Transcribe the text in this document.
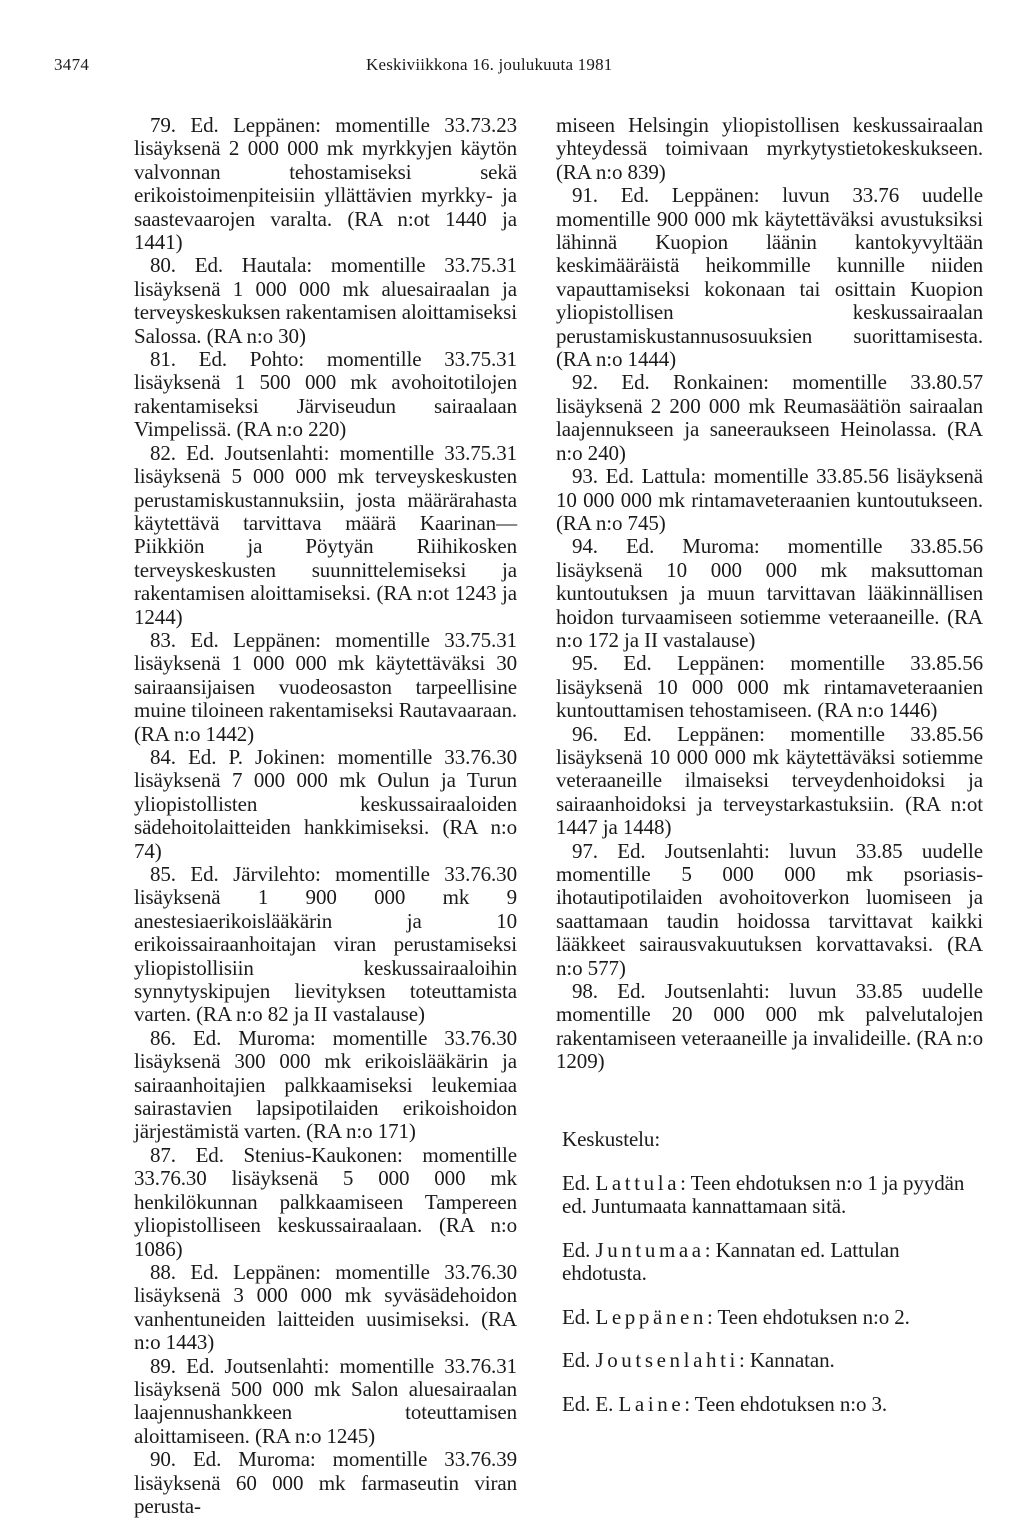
3474	Keskiviikkona 16. joulukuuta 1981

79. Ed. Leppänen: momentille 33.73.23 lisäyksenä 2 000 000 mk myrkkyjen käytön valvonnan tehostamiseksi sekä erikoistoimenpiteisiin yllättävien myrkky- ja saastevaarojen varalta. (RA n:ot 1440 ja 1441)

80. Ed. Hautala: momentille 33.75.31 lisäyksenä 1 000 000 mk aluesairaalan ja terveyskeskuksen rakentamisen aloittamiseksi Salossa. (RA n:o 30)

81. Ed. Pohto: momentille 33.75.31 lisäyksenä 1 500 000 mk avohoitotilojen rakentamiseksi Järviseudun sairaalaan Vimpelissä. (RA n:o 220)

82. Ed. Joutsenlahti: momentille 33.75.31 lisäyksenä 5 000 000 mk terveyskeskusten perustamiskustannuksiin, josta määrärahasta käytettävä tarvittava määrä Kaarinan—Piikkiön ja Pöytyän Riihikosken terveyskeskusten suunnittelemiseksi ja rakentamisen aloittamiseksi. (RA n:ot 1243 ja 1244)

83. Ed. Leppänen: momentille 33.75.31 lisäyksenä 1 000 000 mk käytettäväksi 30 sairaansijaisen vuodeosaston tarpeellisine muine tiloineen rakentamiseksi Rautavaaraan. (RA n:o 1442)

84. Ed. P. Jokinen: momentille 33.76.30 lisäyksenä 7 000 000 mk Oulun ja Turun yliopistollisten keskussairaaloiden sädehoitolaitteiden hankkimiseksi. (RA n:o 74)

85. Ed. Järvilehto: momentille 33.76.30 lisäyksenä 1 900 000 mk 9 anestesiaerikoislääkärin ja 10 erikoissairaanhoitajan viran perustamiseksi yliopistollisiin keskussairaaloihin synnytyskipujen lievityksen toteuttamista varten. (RA n:o 82 ja II vastalause)

86. Ed. Muroma: momentille 33.76.30 lisäyksenä 300 000 mk erikoislääkärin ja sairaanhoitajien palkkaamiseksi leukemiaa sairastavien lapsipotilaiden erikoishoidon järjestämistä varten. (RA n:o 171)

87. Ed. Stenius-Kaukonen: momentille 33.76.30 lisäyksenä 5 000 000 mk henkilökunnan palkkaamiseen Tampereen yliopistolliseen keskussairaalaan. (RA n:o 1086)

88. Ed. Leppänen: momentille 33.76.30 lisäyksenä 3 000 000 mk syväsädehoidon vanhentuneiden laitteiden uusimiseksi. (RA n:o 1443)

89. Ed. Joutsenlahti: momentille 33.76.31 lisäyksenä 500 000 mk Salon aluesairaalan laajennushankkeen toteuttamisen aloittamiseen. (RA n:o 1245)

90. Ed. Muroma: momentille 33.76.39 lisäyksenä 60 000 mk farmaseutin viran perusta-

miseen Helsingin yliopistollisen keskussairaalan yhteydessä toimivaan myrkytystietokeskukseen. (RA n:o 839)

91. Ed. Leppänen: luvun 33.76 uudelle momentille 900 000 mk käytettäväksi avustuksiksi lähinnä Kuopion läänin kantokyvyltään keskimääräistä heikommille kunnille niiden vapauttamiseksi kokonaan tai osittain Kuopion yliopistollisen keskussairaalan perustamiskustannusosuuksien suorittamisesta. (RA n:o 1444)

92. Ed. Ronkainen: momentille 33.80.57 lisäyksenä 2 200 000 mk Reumasäätiön sairaalan laajennukseen ja saneeraukseen Heinolassa. (RA n:o 240)

93. Ed. Lattula: momentille 33.85.56 lisäyksenä 10 000 000 mk rintamaveteraanien kuntoutukseen. (RA n:o 745)

94. Ed. Muroma: momentille 33.85.56 lisäyksenä 10 000 000 mk maksuttoman kuntoutuksen ja muun tarvittavan lääkinnällisen hoidon turvaamiseen sotiemme veteraaneille. (RA n:o 172 ja II vastalause)

95. Ed. Leppänen: momentille 33.85.56 lisäyksenä 10 000 000 mk rintamaveteraanien kuntouttamisen tehostamiseen. (RA n:o 1446)

96. Ed. Leppänen: momentille 33.85.56 lisäyksenä 10 000 000 mk käytettäväksi sotiemme veteraaneille ilmaiseksi terveydenhoidoksi ja sairaanhoidoksi ja terveystarkastuksiin. (RA n:ot 1447 ja 1448)

97. Ed. Joutsenlahti: luvun 33.85 uudelle momentille 5 000 000 mk psoriasis-ihotautipotilaiden avohoitoverkon luomiseen ja saattamaan taudin hoidossa tarvittavat kaikki lääkkeet sairausvakuutuksen korvattavaksi. (RA n:o 577)

98. Ed. Joutsenlahti: luvun 33.85 uudelle momentille 20 000 000 mk palvelutalojen rakentamiseen veteraaneille ja invalideille. (RA n:o 1209)

Keskustelu:

Ed. Lattula: Teen ehdotuksen n:o 1 ja pyydän ed. Juntumaata kannattamaan sitä.

Ed. Juntumaa: Kannatan ed. Lattulan ehdotusta.

Ed. Leppänen: Teen ehdotuksen n:o 2.

Ed. Joutsenlahti: Kannatan.

Ed. E. Laine: Teen ehdotuksen n:o 3.
